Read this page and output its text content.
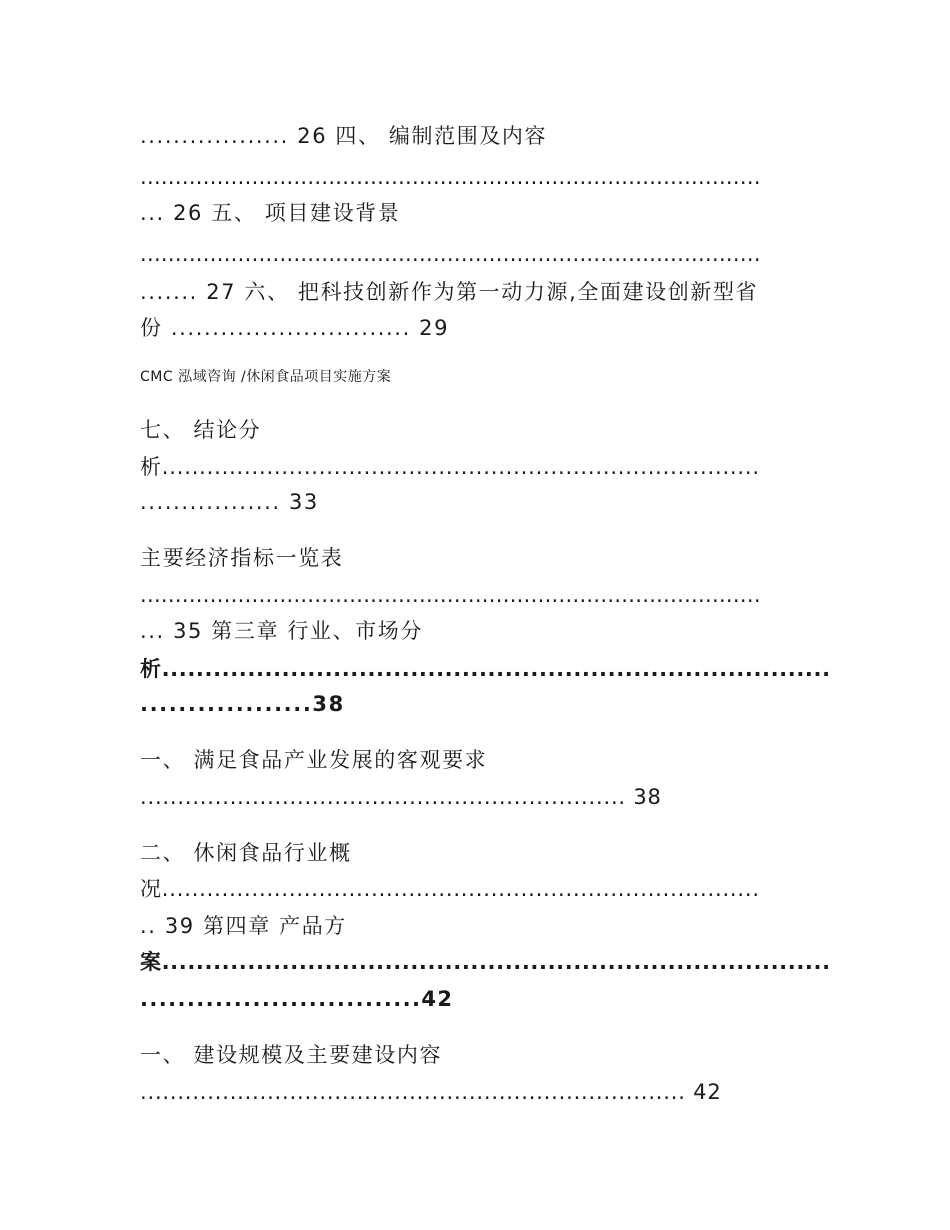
.................. 26 四、 编制范围及内容
.........................................................................................
... 26 五、 项目建设背景
.........................................................................................
....... 27 六、 把科技创新作为第一动力源,全面建设创新型省
份 ............................. 29
CMC 泓域咨询 /休闲食品项目实施方案
七、 结论分
析................................................................................
................. 33
主要经济指标一览表
.........................................................................................
... 35 第三章 行业、市场分
析..............................................................................
..................38
一、 满足食品产业发展的客观要求
................................................................. 38
二、 休闲食品行业概
况................................................................................
.. 39 第四章 产品方
案..............................................................................
..............................42
一、 建设规模及主要建设内容
......................................................................... 42
